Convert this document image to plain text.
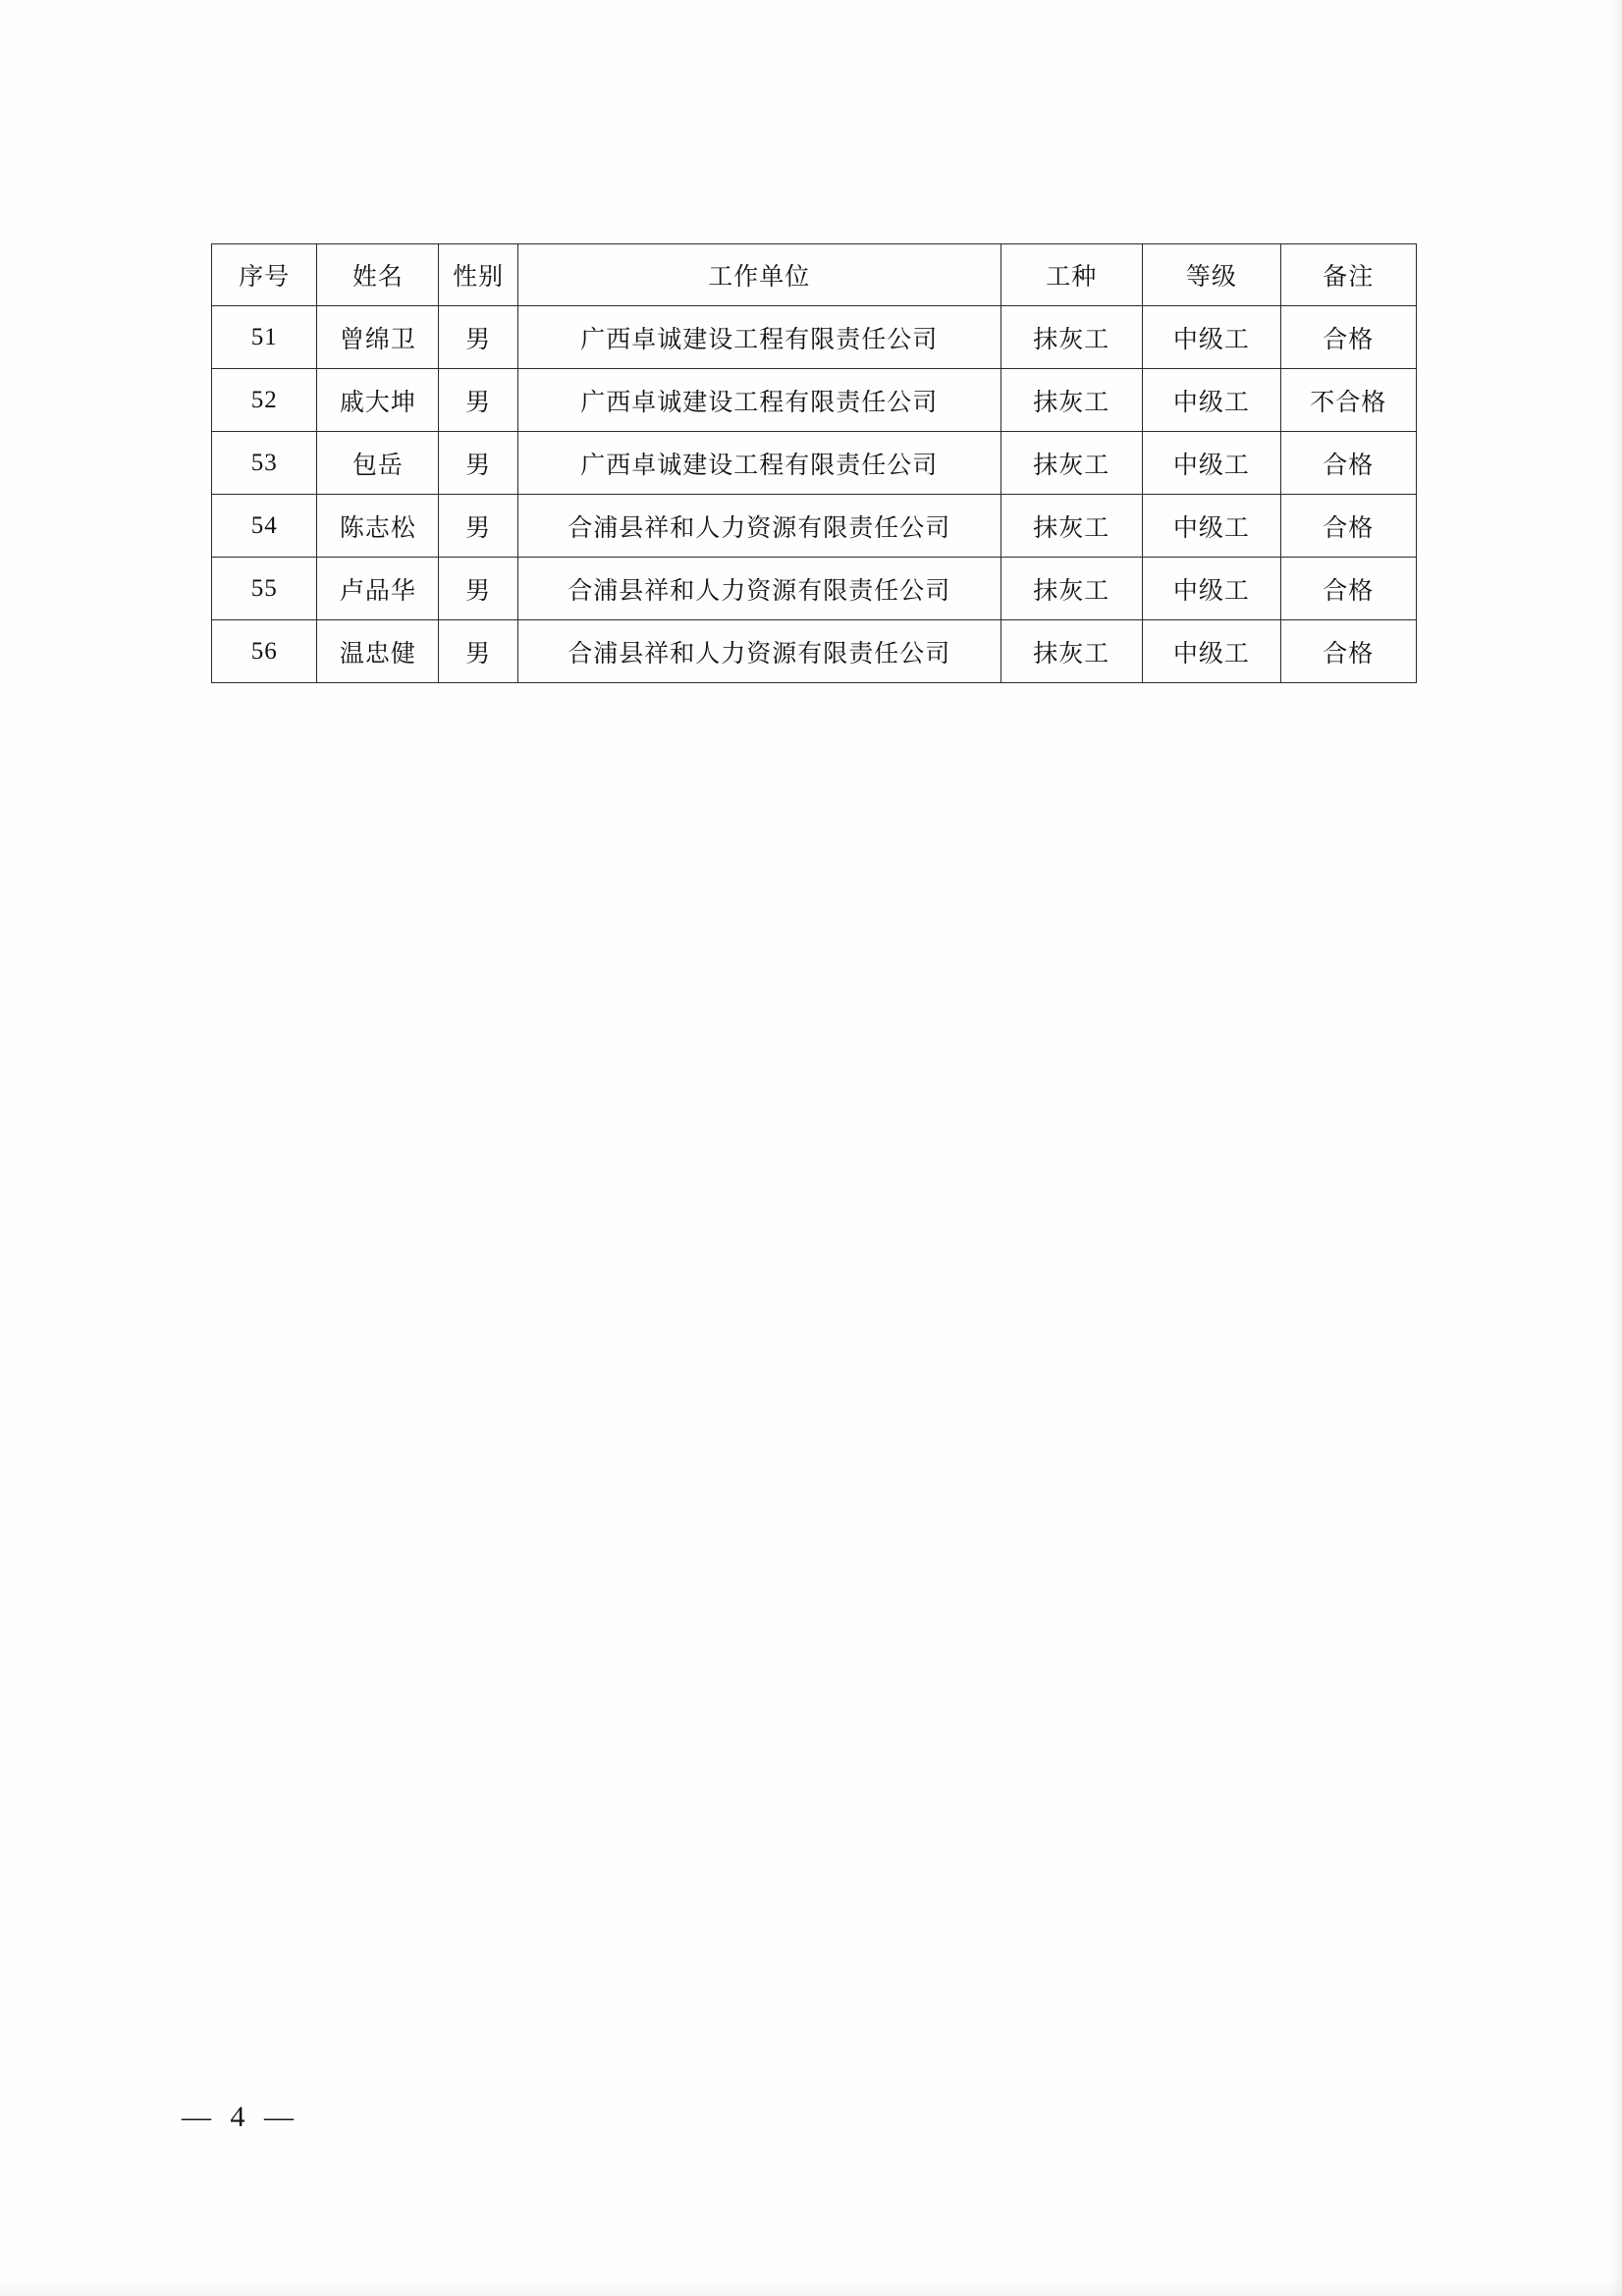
序号	姓名	性别	工作单位	工种	等级	备注
51	曾绵卫	男	广西卓诚建设工程有限责任公司	抹灰工	中级工	合格
52	戚大坤	男	广西卓诚建设工程有限责任公司	抹灰工	中级工	不合格
53	包岳	男	广西卓诚建设工程有限责任公司	抹灰工	中级工	合格
54	陈志松	男	合浦县祥和人力资源有限责任公司	抹灰工	中级工	合格
55	卢品华	男	合浦县祥和人力资源有限责任公司	抹灰工	中级工	合格
56	温忠健	男	合浦县祥和人力资源有限责任公司	抹灰工	中级工	合格
— 4 —
